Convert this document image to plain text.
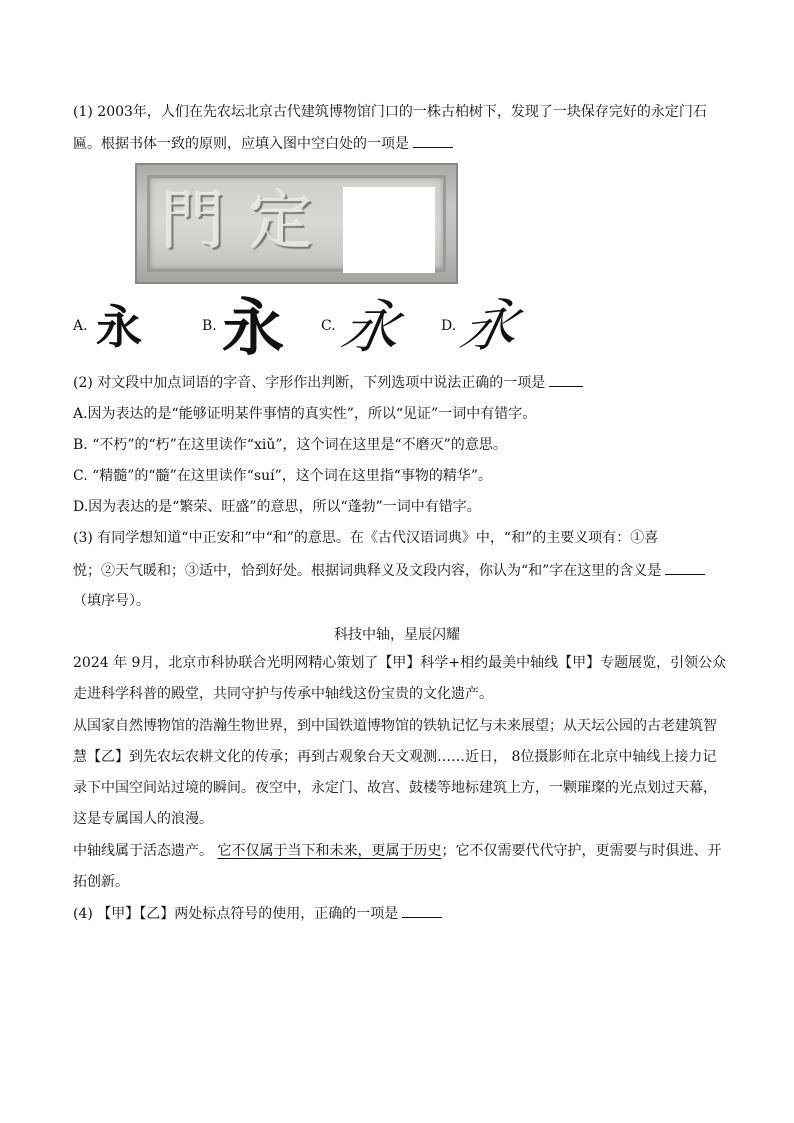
(1) 2003年，人们在先农坛北京古代建筑博物馆门口的一株古柏树下，发现了一块保存完好的永定门石
匾。根据书体一致的原则，应填入图中空白处的一项是
門 定
A. 永	B. 永	C. 永 D.
永
(2) 对文段中加点词语的字音、字形作出判断，下列选项中说法正确的一项是
A.因为表达的是“能够证明某件事情的真实性”，所以“见证”一词中有错字。
B. “不朽”的“朽”在这里读作“xiǔ”，这个词在这里是“不磨灭”的意思。
C. “精髓”的“髓”在这里读作“suí”，这个词在这里指“事物的精华”。
D.因为表达的是“繁荣、旺盛”的意思，所以“蓬勃”一词中有错字。
(3) 有同学想知道“中正安和”中“和”的意思。在《古代汉语词典》中，“和”的主要义项有：①喜
悦；②天气暖和；③适中，恰到好处。根据词典释义及文段内容，你认为“和”字在这里的含义是
（填序号）。
科技中轴，星辰闪耀
2024 年 9月，北京市科协联合光明网精心策划了【甲】科学+相约最美中轴线【甲】专题展览，引领公众
走进科学科普的殿堂，共同守护与传承中轴线这份宝贵的文化遗产。
从国家自然博物馆的浩瀚生物世界，到中国铁道博物馆的铁轨记忆与未来展望；从天坛公园的古老建筑智
慧【乙】到先农坛农耕文化的传承；再到古观象台天文观测……近日， 8位摄影师在北京中轴线上接力记
录下中国空间站过境的瞬间。夜空中，永定门、故宫、鼓楼等地标建筑上方，一颗璀璨的光点划过天幕，
这是专属国人的浪漫。
中轴线属于活态遗产。 它不仅属于当下和未来，更属于历史；它不仅需要代代守护，更需要与时俱进、开
拓创新。
(4) 【甲】【乙】两处标点符号的使用，正确的一项是
